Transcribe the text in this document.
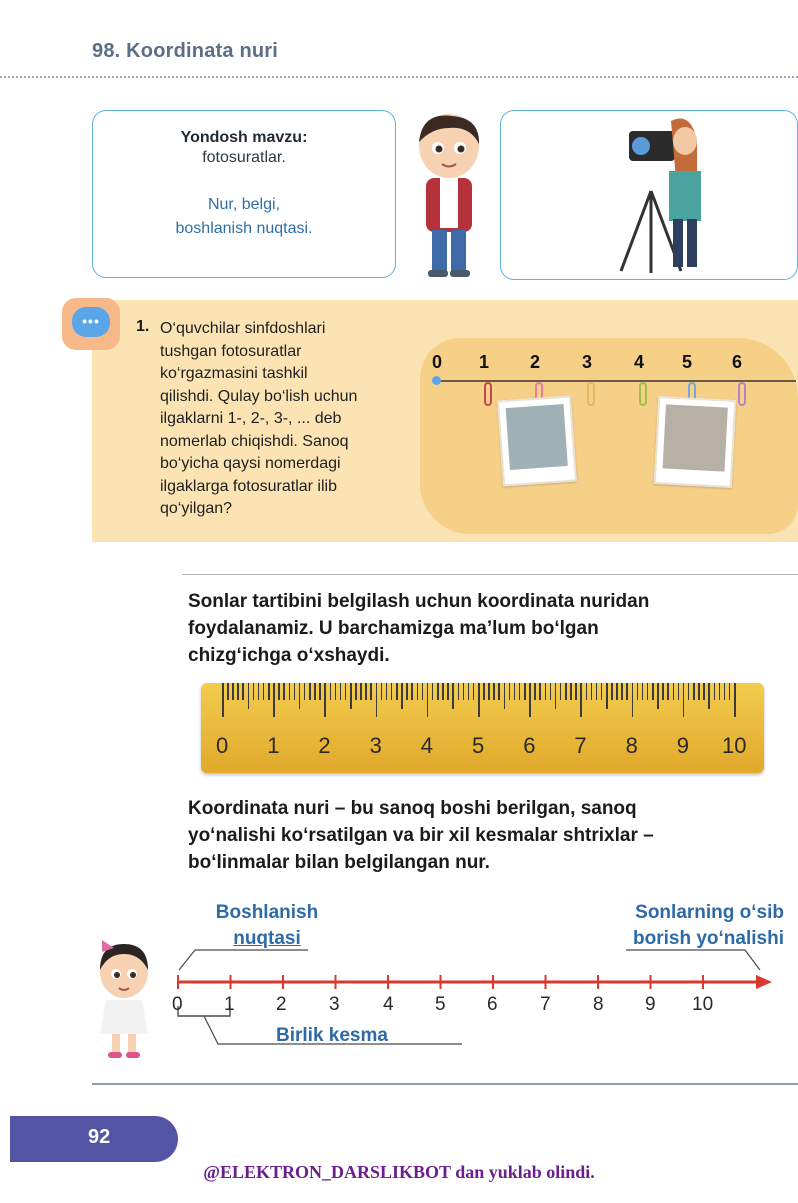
98. Koordinata nuri
Yondosh mavzu:
fotosuratlar.
Nur, belgi,
boshlanish nuqtasi.
•••	1. O‘quvchilar sinfdoshlari
tushgan fotosuratlar
ko‘rgazmasini tashkil
qilishdi. Qulay bo‘lish uchun
ilgaklarni 1-, 2-, 3-, ... deb
nomerlab chiqishdi. Sanoq
bo‘yicha qaysi nomerdagi
ilgaklarga fotosuratlar ilib
qo‘yilgan?
0 1 2 3 4 5 6
Sonlar tartibini belgilash uchun koordinata nuridan
foydalanamiz. U barchamizga ma’lum bo‘lgan
chizg‘ichga o‘xshaydi.
0 1 2 3 4 5 6 7 8 9 10
Koordinata nuri – bu sanoq boshi berilgan, sanoq
yo‘nalishi ko‘rsatilgan va bir xil kesmalar shtrixlar –
bo‘linmalar bilan belgilangan nur.
Boshlanish
nuqtasi
Sonlarning o‘sib
borish yo‘nalishi
0 1 2 3 4 5 6 7 8 9 10
Birlik kesma
92
@ELEKTRON_DARSLIKBOT dan yuklab olindi.
